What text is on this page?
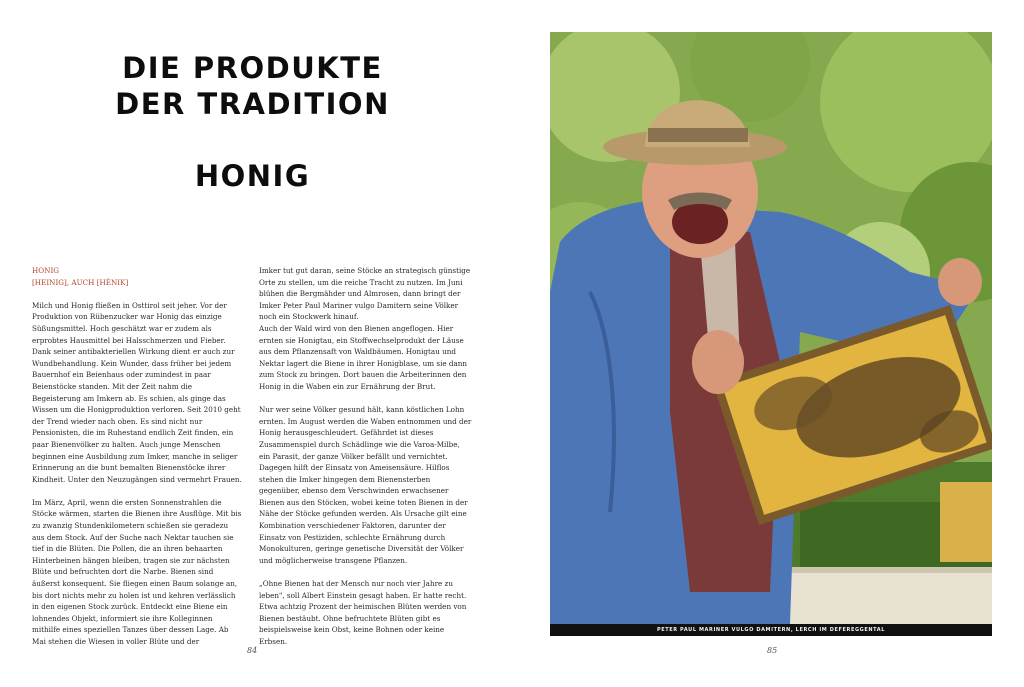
DIE PRODUKTE
DER TRADITION
HONIG
HONIG
[HEINIG], AUCH [HÈNIK]

Milch und Honig fließen in Osttirol seit jeher. Vor der Produktion von Rübenzucker war Honig das einzige Süßungsmittel. Hoch geschätzt war er zudem als erprobtes Hausmittel bei Halsschmerzen und Fieber. Dank seiner antibakteriellen Wirkung dient er auch zur Wundbehandlung. Kein Wunder, dass früher bei jedem Bauernhof ein Beienhaus oder zumindest in paar Beienstöcke standen. Mit der Zeit nahm die Begeisterung am Imkern ab. Es schien, als ginge das Wissen um die Honigproduktion verloren. Seit 2010 geht der Trend wieder nach oben. Es sind nicht nur Pensionisten, die im Ruhestand endlich Zeit finden, ein paar Bienenvölker zu halten. Auch junge Menschen beginnen eine Ausbildung zum Imker, manche in seliger Erinnerung an die bunt bemalten Bienenstöcke ihrer Kindheit. Unter den Neuzugängen sind vermehrt Frauen.

Im März, April, wenn die ersten Sonnenstrahlen die Stöcke wärmen, starten die Bienen ihre Ausflüge. Mit bis zu zwanzig Stundenkilometern schießen sie geradezu aus dem Stock. Auf der Suche nach Nektar tauchen sie tief in die Blüten. Die Pollen, die an ihren behaarten Hinterbeinen hängen bleiben, tragen sie zur nächsten Blüte und befruchten dort die Narbe. Bienen sind äußerst konsequent. Sie fliegen einen Baum solange an, bis dort nichts mehr zu holen ist und kehren verlässlich in den eigenen Stock zurück. Entdeckt eine Biene ein lohnendes Objekt, informiert sie ihre Kolleginnen mithilfe eines speziellen Tanzes über dessen Lage. Ab Mai stehen die Wiesen in voller Blüte und der

Imker tut gut daran, seine Stöcke an strategisch günstige Orte zu stellen, um die reiche Tracht zu nutzen. Im Juni blühen die Bergmähder und Almrosen, dann bringt der Imker Peter Paul Mariner vulgo Damitern seine Völker noch ein Stockwerk hinauf.

Auch der Wald wird von den Bienen angeflogen. Hier ernten sie Honigtau, ein Stoffwechselprodukt der Läuse aus dem Pflanzensaft von Waldbäumen. Honigtau und Nektar lagert die Biene in ihrer Honigblase, um sie dann zum Stock zu bringen. Dort bauen die Arbeiterinnen den Honig in die Waben ein zur Ernährung der Brut.

Nur wer seine Völker gesund hält, kann köstlichen Lohn ernten. Im August werden die Waben entnommen und der Honig herausgeschleudert. Gefährdet ist dieses Zusammenspiel durch Schädlinge wie die Varoa-Milbe, ein Parasit, der ganze Völker befällt und vernichtet. Dagegen hilft der Einsatz von Ameisensäure. Hilflos stehen die Imker hingegen dem Bienensterben gegenüber, ebenso dem Verschwinden erwachsener Bienen aus den Stöcken, wobei keine toten Bienen in der Nähe der Stöcke gefunden werden. Als Ursache gilt eine Kombination verschiedener Faktoren, darunter der Einsatz von Pestiziden, schlechte Ernährung durch Monokulturen, geringe genetische Diversität der Völker und möglicherweise transgene Pflanzen.

„Ohne Bienen hat der Mensch nur noch vier Jahre zu leben", soll Albert Einstein gesagt haben. Er hatte recht. Etwa achtzig Prozent der heimischen Blüten werden von Bienen bestäubt. Ohne befruchtete Blüten gibt es beispielsweise kein Obst, keine Bohnen oder keine Erbsen.

84
PETER PAUL MARINER VULGO DAMITERN, LERCH IM DEFEREGGENTAL
85
